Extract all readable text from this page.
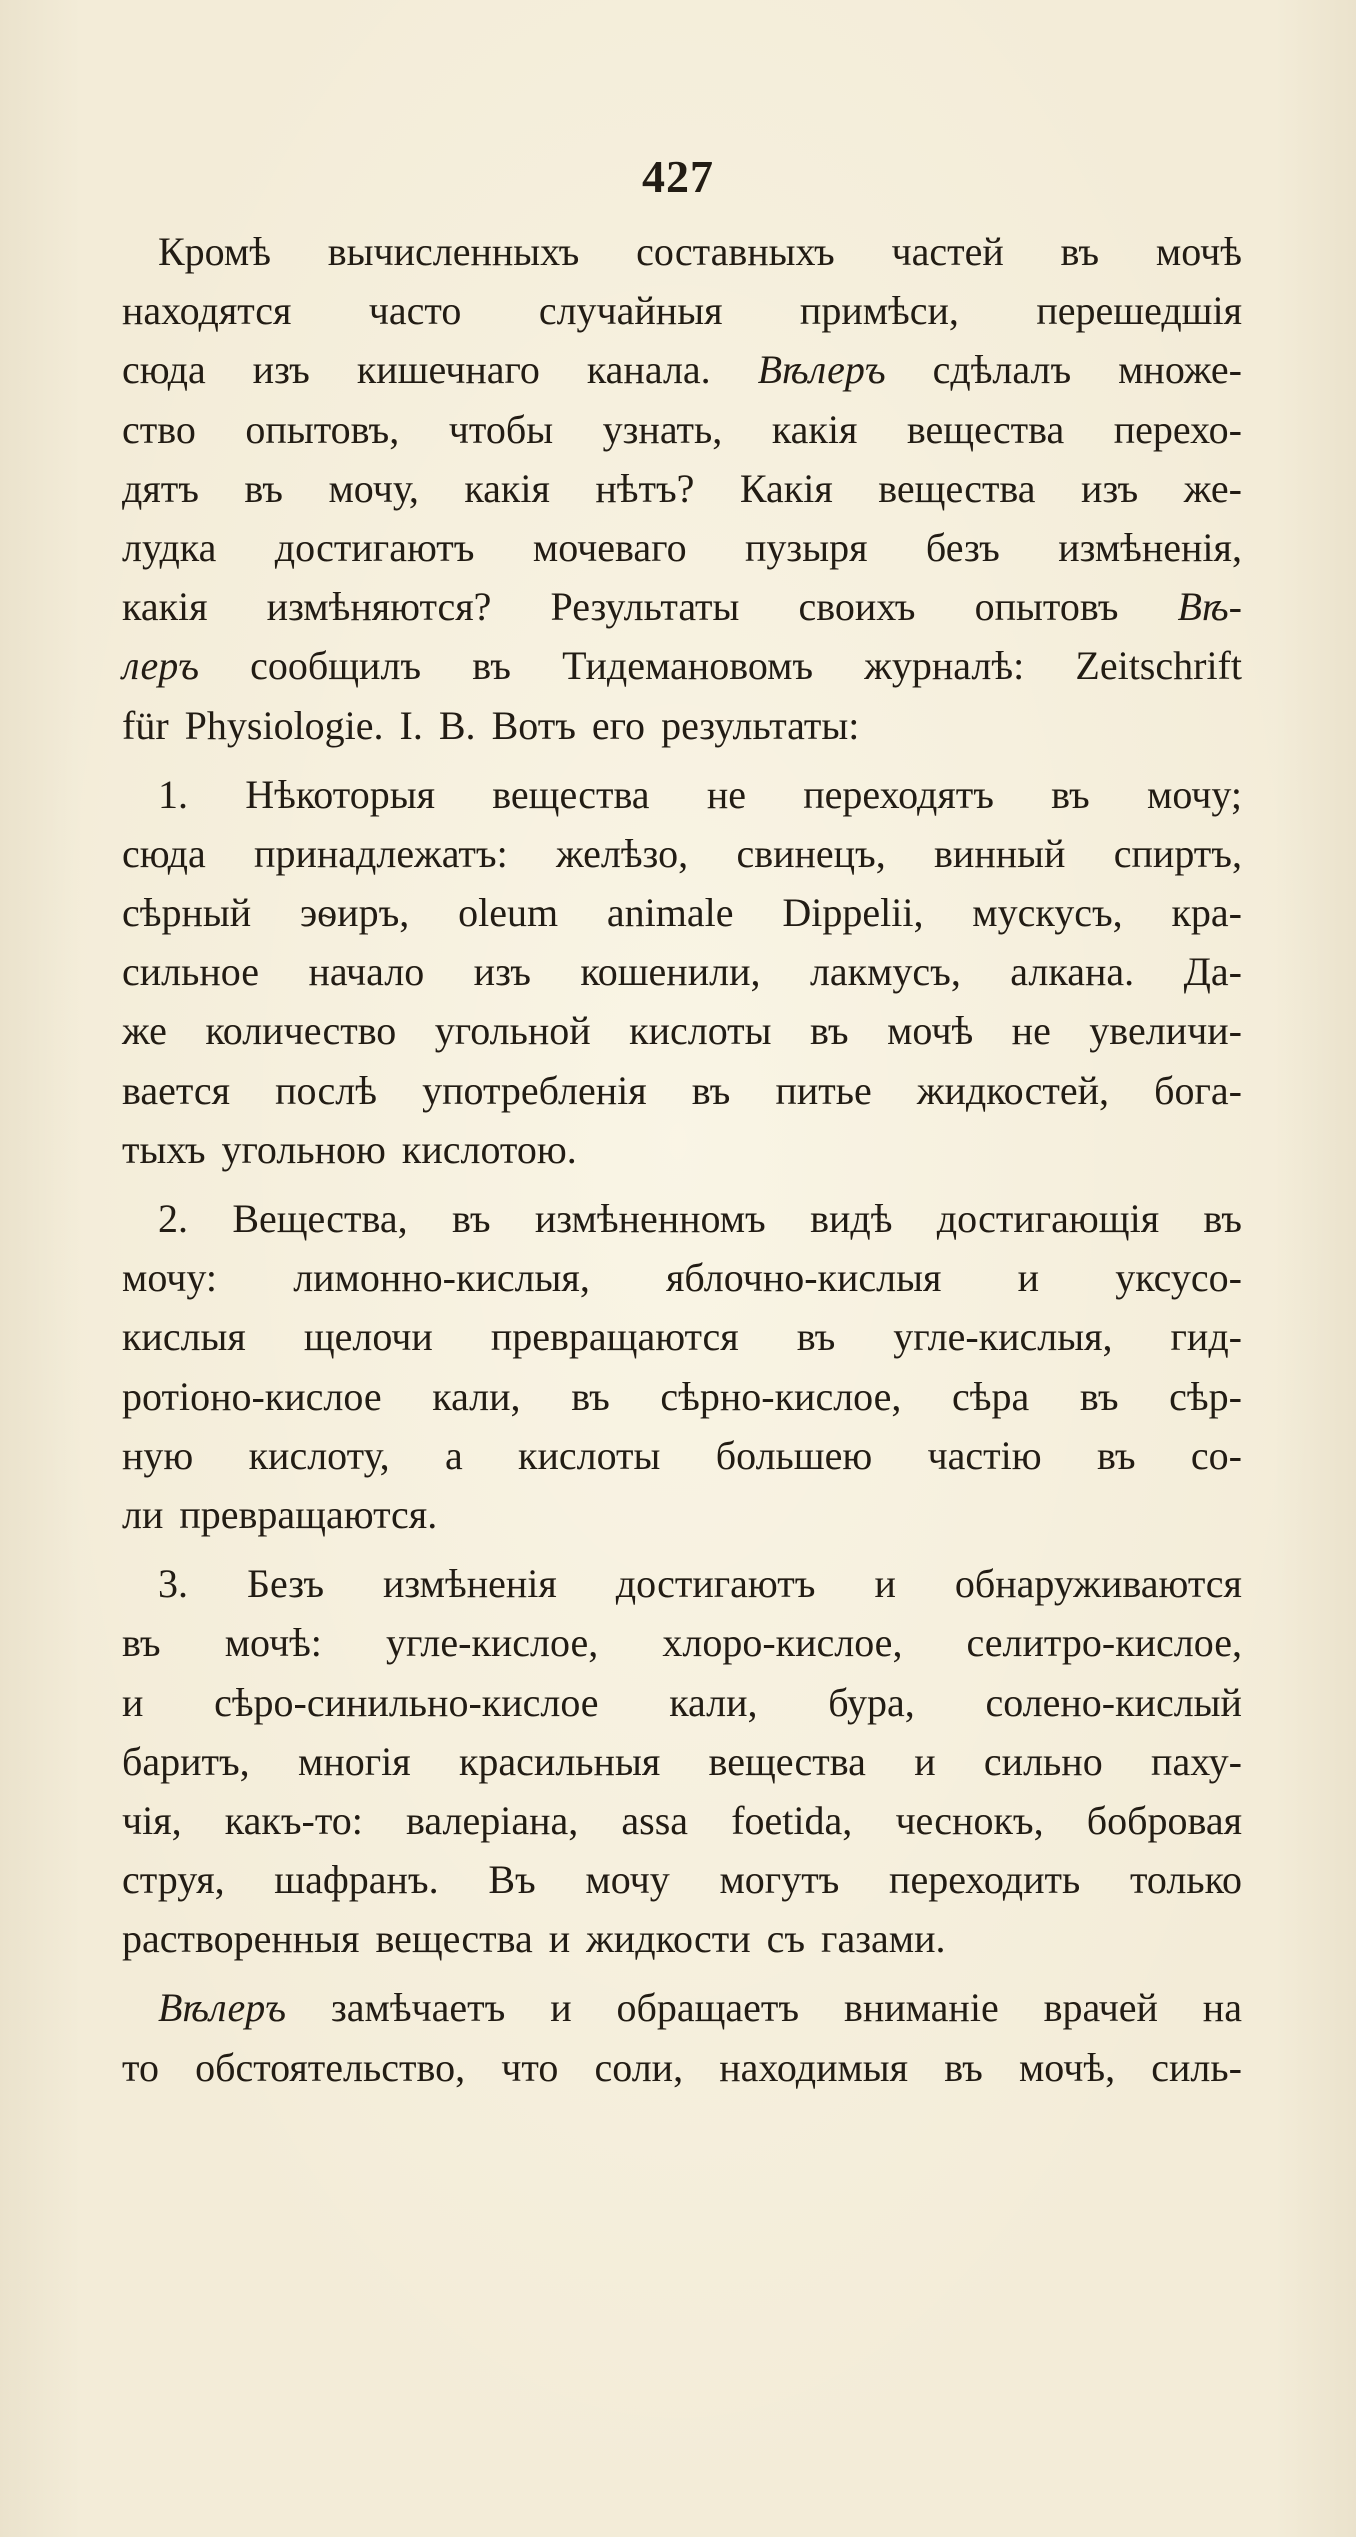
427
Кромѣ вычисленныхъ составныхъ частей въ мочѣ
находятся часто случайныя примѣси, перешедшія
сюда изъ кишечнаго канала. Вѣлеръ сдѣлалъ множе-
ство опытовъ, чтобы узнать, какія вещества перехо-
дятъ въ мочу, какія нѣтъ? Какія вещества изъ же-
лудка достигаютъ мочеваго пузыря безъ измѣненія,
какія измѣняются? Результаты своихъ опытовъ Вѣ-
леръ сообщилъ въ Тидемановомъ журналѣ: Zeitschrift
für Physiologie. I. B. Вотъ его результаты:
1. Нѣкоторыя вещества не переходятъ въ мочу;
сюда принадлежатъ: желѣзо, свинецъ, винный спиртъ,
сѣрный эѳиръ, oleum animale Dippelii, мускусъ, кра-
сильное начало изъ кошенили, лакмусъ, алкана. Да-
же количество угольной кислоты въ мочѣ не увеличи-
вается послѣ употребленія въ питье жидкостей, бога-
тыхъ угольною кислотою.
2. Вещества, въ измѣненномъ видѣ достигающія въ
мочу: лимонно-кислыя, яблочно-кислыя и уксусо-
кислыя щелочи превращаются въ угле-кислыя, гид-
ротіоно-кислое кали, въ сѣрно-кислое, сѣра въ сѣр-
ную кислоту, а кислоты большею частію въ со-
ли превращаются.
3. Безъ измѣненія достигаютъ и обнаруживаются
въ мочѣ: угле-кислое, хлоро-кислое, селитро-кислое,
и сѣро-синильно-кислое кали, бура, солено-кислый
баритъ, многія красильныя вещества и сильно паху-
чія, какъ-то: валеріана, assa foetida, чеснокъ, бобровая
струя, шафранъ. Въ мочу могутъ переходить только
растворенныя вещества и жидкости съ газами.
Вѣлеръ замѣчаетъ и обращаетъ вниманіе врачей на
то обстоятельство, что соли, находимыя въ мочѣ, силь-
